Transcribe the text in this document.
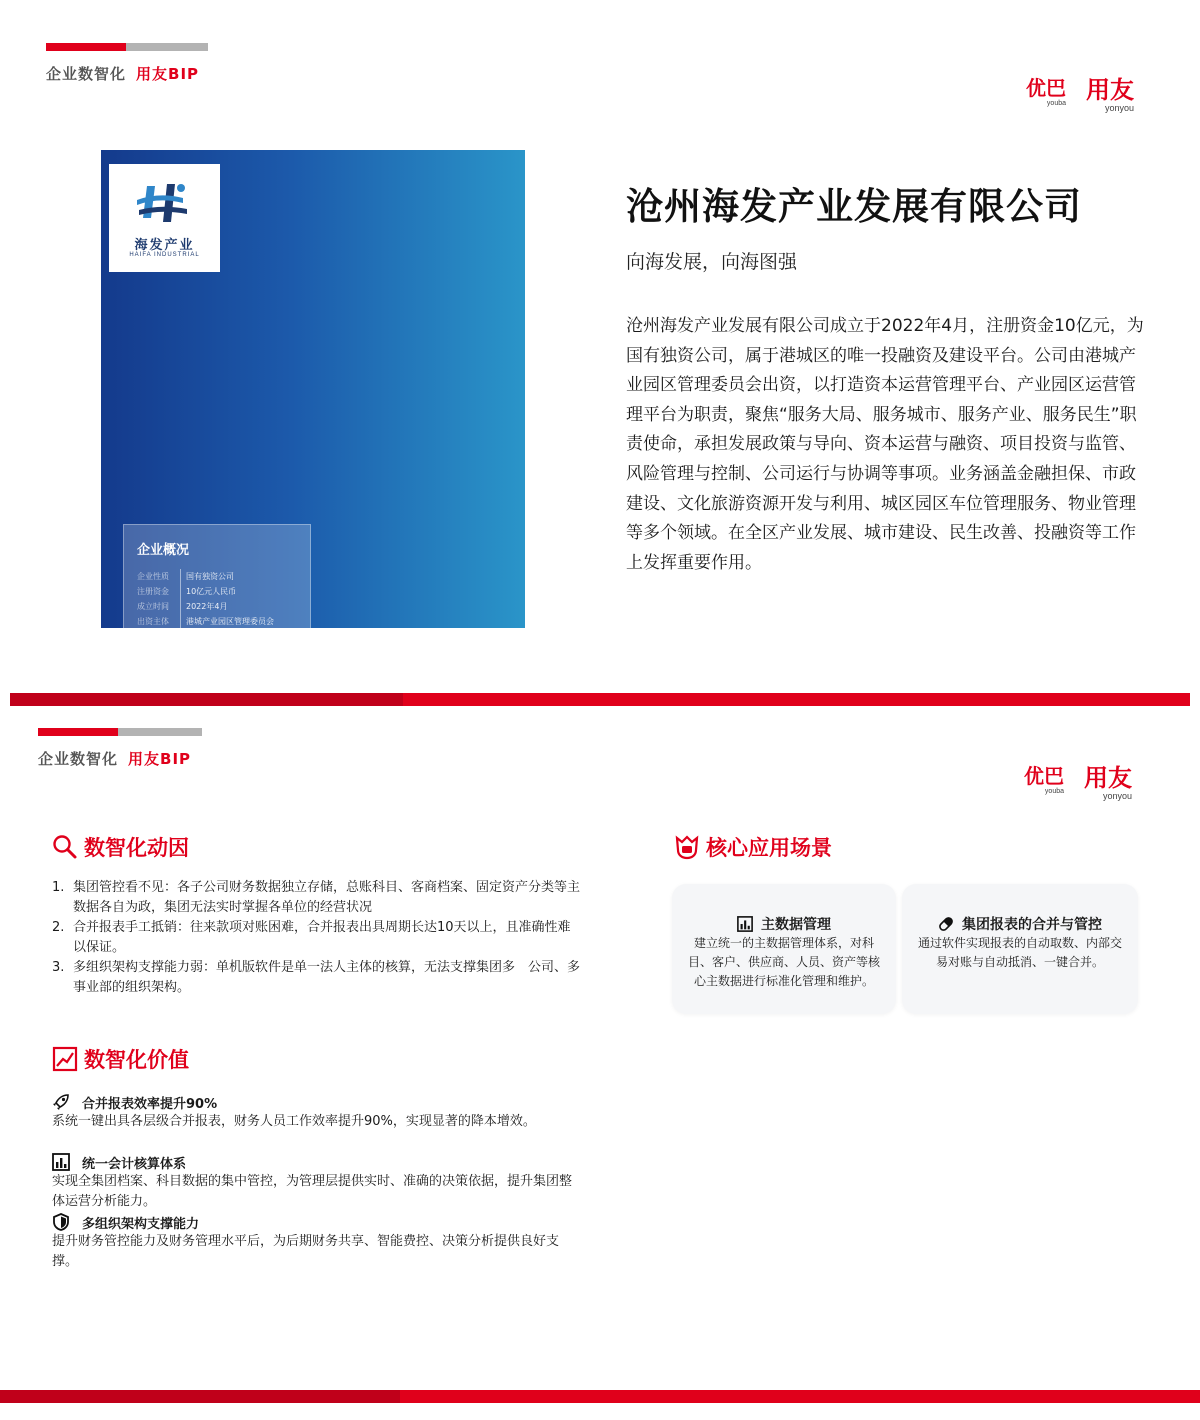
企业数智化 用友BIP
优巴
youba 用友
yonyou
海发产业
HAIFA INDUSTRIAL
企业概况
企业性质	国有独资公司
注册资金	10亿元人民币
成立时间	2022年4月
出资主体	港城产业园区管理委员会
沧州海发产业发展有限公司
向海发展，向海图强
沧州海发产业发展有限公司成立于2022年4月，注册资金10亿元，为国有独资公司，属于港城区的唯一投融资及建设平台。公司由港城产业园区管理委员会出资，以打造资本运营管理平台、产业园区运营管理平台为职责，聚焦“服务大局、服务城市、服务产业、服务民生”职责使命，承担发展政策与导向、资本运营与融资、项目投资与监管、风险管理与控制、公司运行与协调等事项。业务涵盖金融担保、市政建设、文化旅游资源开发与利用、城区园区车位管理服务、物业管理等多个领域。在全区产业发展、城市建设、民生改善、投融资等工作上发挥重要作用。
企业数智化 用友BIP
优巴
youba 用友
yonyou
数智化动因
1. 集团管控看不见：各子公司财务数据独立存储，总账科目、客商档案、固定资产分类等主数据各自为政，集团无法实时掌握各单位的经营状况
2. 合并报表手工抵销：往来款项对账困难，合并报表出具周期长达10天以上，且准确性难以保证。
3. 多组织架构支撑能力弱：单机版软件是单一法人主体的核算，无法支撑集团多　公司、多事业部的组织架构。
数智化价值
合并报表效率提升90%
系统一键出具各层级合并报表，财务人员工作效率提升90%，实现显著的降本增效。
统一会计核算体系
实现全集团档案、科目数据的集中管控，为管理层提供实时、准确的决策依据，提升集团整体运营分析能力。
多组织架构支撑能力
提升财务管控能力及财务管理水平后，为后期财务共享、智能费控、决策分析提供良好支撑。
核心应用场景
主数据管理
建立统一的主数据管理体系，对科目、客户、供应商、人员、资产等核心主数据进行标准化管理和维护。
集团报表的合并与管控
通过软件实现报表的自动取数、内部交易对账与自动抵消、一键合并。
